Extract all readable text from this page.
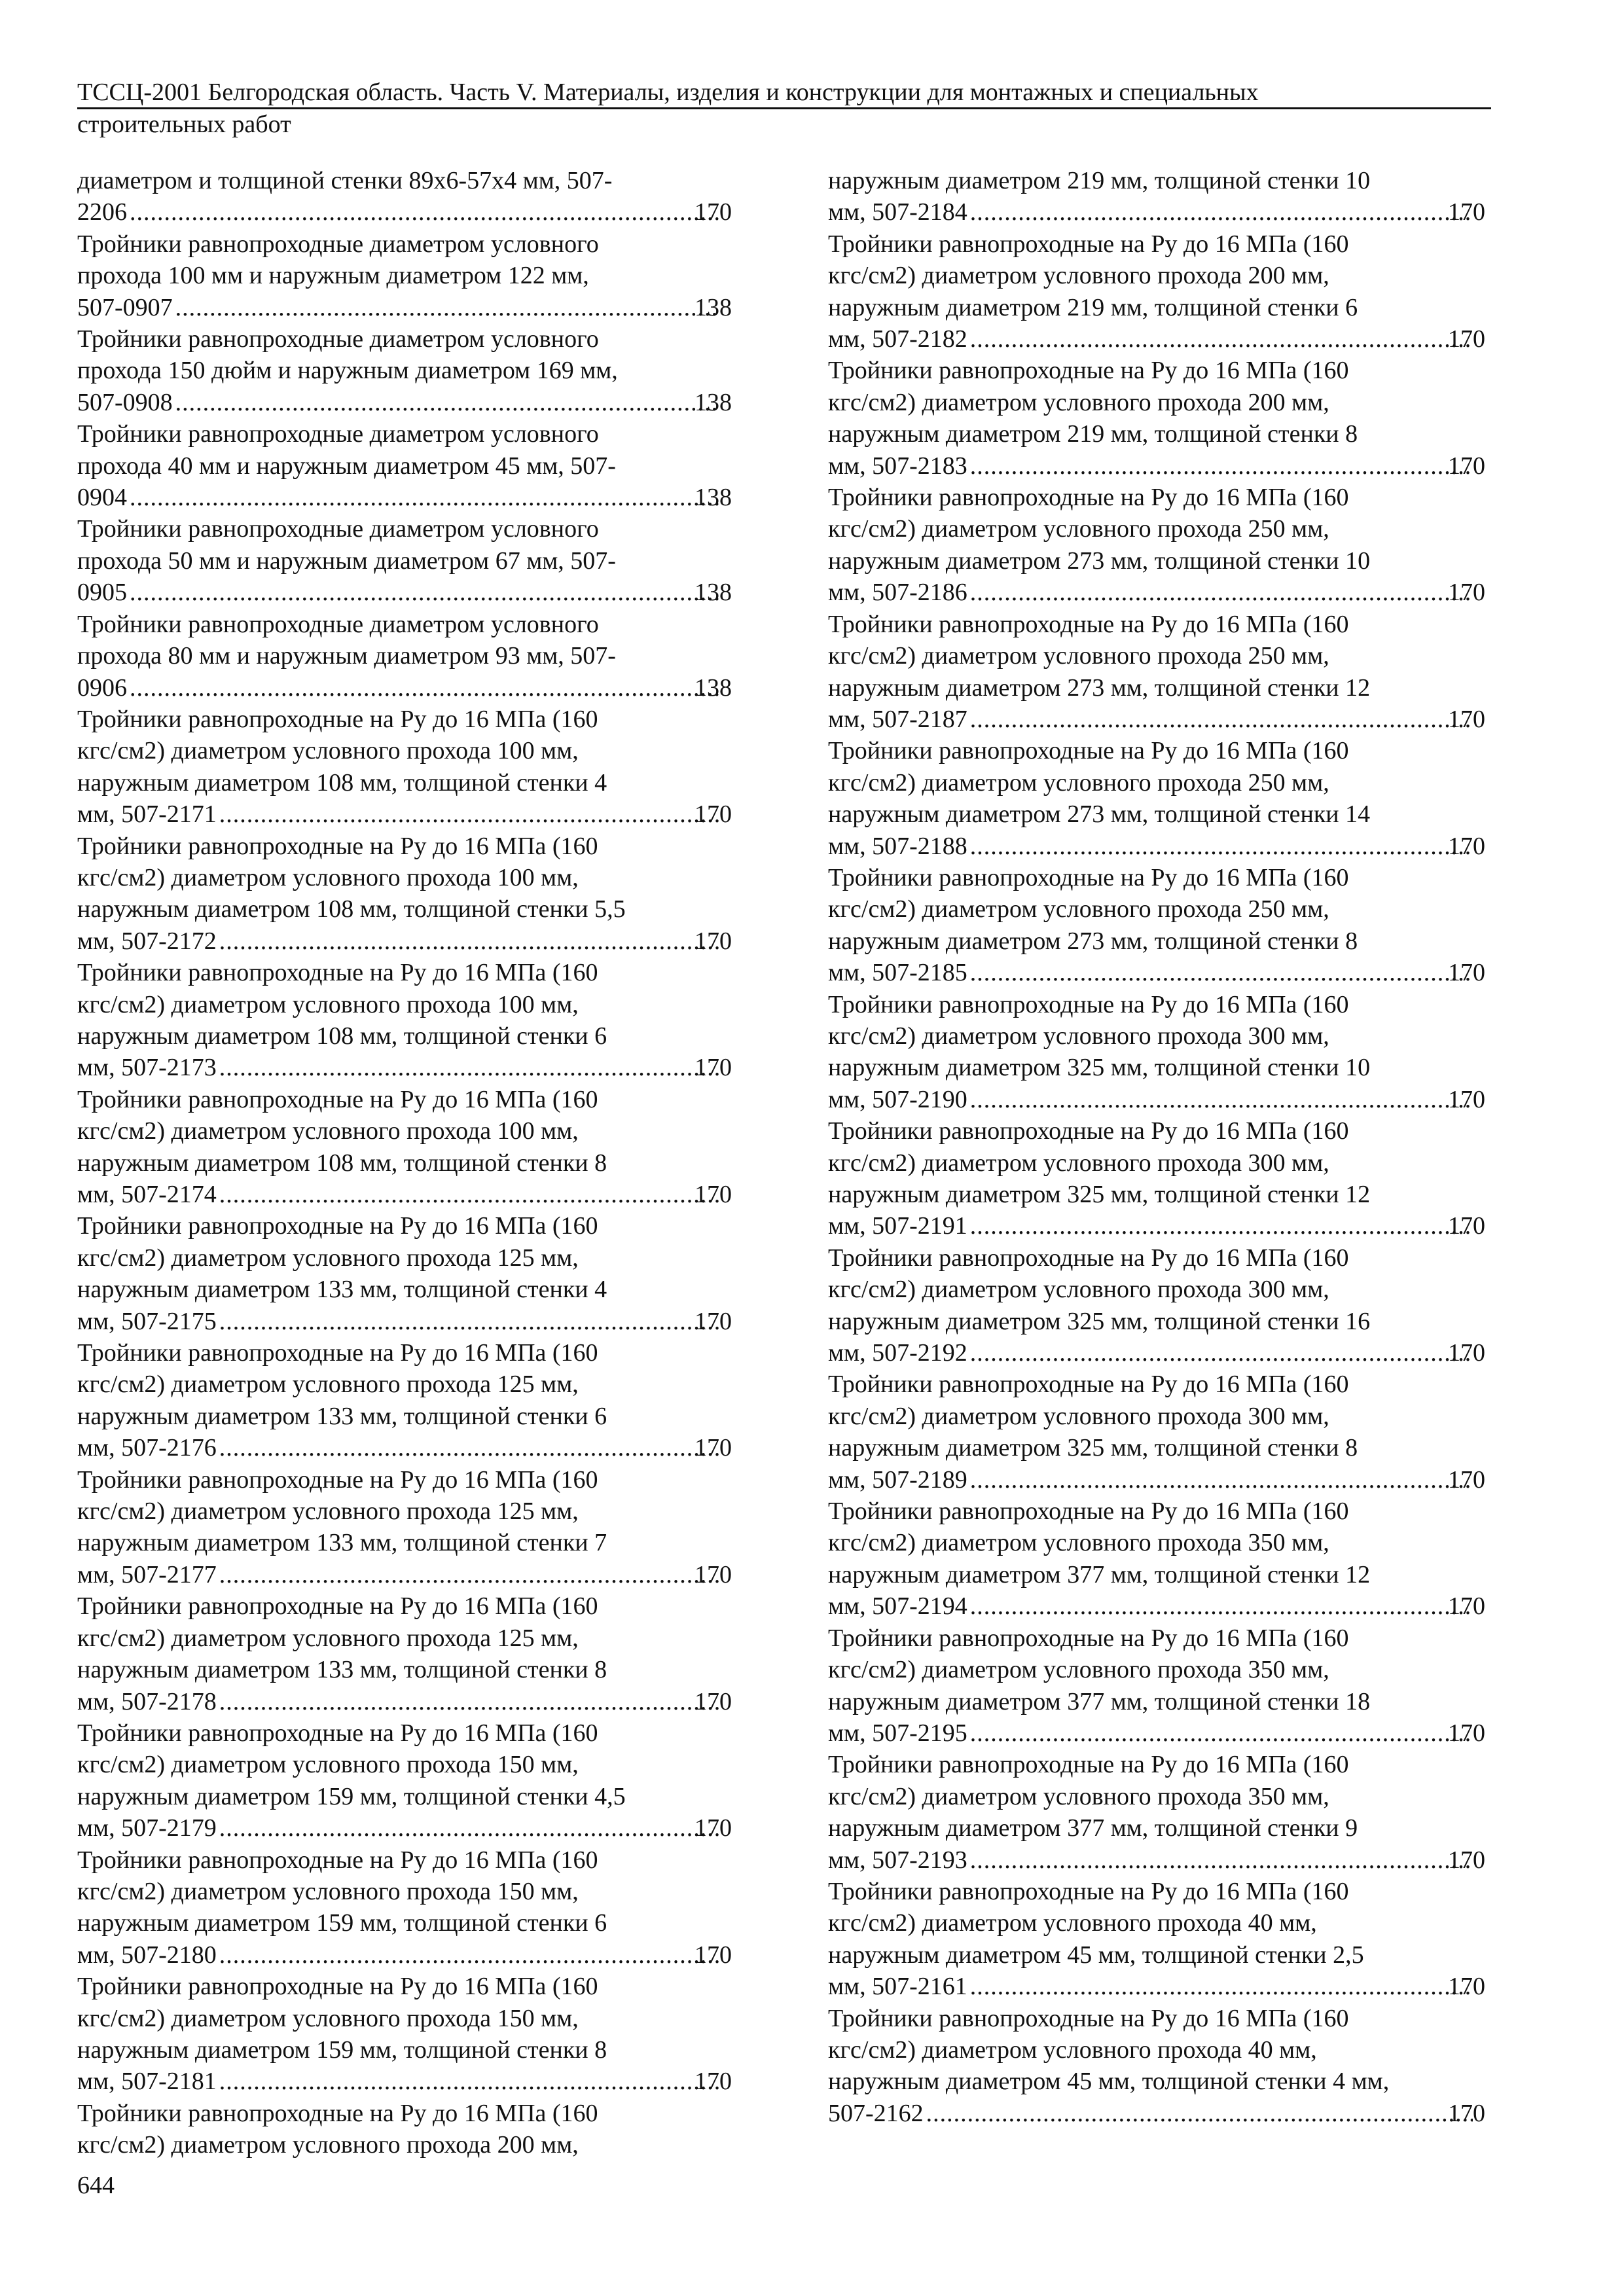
ТССЦ-2001 Белгородская область. Часть V. Материалы, изделия и конструкции для монтажных и специальных
строительных работ
диаметром и толщиной стенки 89х6-57х4 мм, 507-
2206 .....	170
Тройники равнопроходные диаметром условного
прохода 100 мм и наружным диаметром 122 мм,
507-0907 .....	138
Тройники равнопроходные диаметром условного
прохода 150 дюйм и наружным диаметром 169 мм,
507-0908 .....	138
Тройники равнопроходные диаметром условного
прохода 40 мм и наружным диаметром 45 мм, 507-
0904 .....	138
Тройники равнопроходные диаметром условного
прохода 50 мм и наружным диаметром 67 мм, 507-
0905 .....	138
Тройники равнопроходные диаметром условного
прохода 80 мм и наружным диаметром 93 мм, 507-
0906 .....	138
Тройники равнопроходные на Ру до 16 МПа (160
кгс/см2) диаметром условного прохода 100 мм,
наружным диаметром 108 мм, толщиной стенки 4
мм, 507-2171 .....	170
Тройники равнопроходные на Ру до 16 МПа (160
кгс/см2) диаметром условного прохода 100 мм,
наружным диаметром 108 мм, толщиной стенки 5,5
мм, 507-2172 .....	170
Тройники равнопроходные на Ру до 16 МПа (160
кгс/см2) диаметром условного прохода 100 мм,
наружным диаметром 108 мм, толщиной стенки 6
мм, 507-2173 .....	170
Тройники равнопроходные на Ру до 16 МПа (160
кгс/см2) диаметром условного прохода 100 мм,
наружным диаметром 108 мм, толщиной стенки 8
мм, 507-2174 .....	170
Тройники равнопроходные на Ру до 16 МПа (160
кгс/см2) диаметром условного прохода 125 мм,
наружным диаметром 133 мм, толщиной стенки 4
мм, 507-2175 .....	170
Тройники равнопроходные на Ру до 16 МПа (160
кгс/см2) диаметром условного прохода 125 мм,
наружным диаметром 133 мм, толщиной стенки 6
мм, 507-2176 .....	170
Тройники равнопроходные на Ру до 16 МПа (160
кгс/см2) диаметром условного прохода 125 мм,
наружным диаметром 133 мм, толщиной стенки 7
мм, 507-2177 .....	170
Тройники равнопроходные на Ру до 16 МПа (160
кгс/см2) диаметром условного прохода 125 мм,
наружным диаметром 133 мм, толщиной стенки 8
мм, 507-2178 .....	170
Тройники равнопроходные на Ру до 16 МПа (160
кгс/см2) диаметром условного прохода 150 мм,
наружным диаметром 159 мм, толщиной стенки 4,5
мм, 507-2179 .....	170
Тройники равнопроходные на Ру до 16 МПа (160
кгс/см2) диаметром условного прохода 150 мм,
наружным диаметром 159 мм, толщиной стенки 6
мм, 507-2180 .....	170
Тройники равнопроходные на Ру до 16 МПа (160
кгс/см2) диаметром условного прохода 150 мм,
наружным диаметром 159 мм, толщиной стенки 8
мм, 507-2181 .....	170
Тройники равнопроходные на Ру до 16 МПа (160
кгс/см2) диаметром условного прохода 200 мм,
наружным диаметром 219 мм, толщиной стенки 10
мм, 507-2184 .....	170
Тройники равнопроходные на Ру до 16 МПа (160
кгс/см2) диаметром условного прохода 200 мм,
наружным диаметром 219 мм, толщиной стенки 6
мм, 507-2182 .....	170
Тройники равнопроходные на Ру до 16 МПа (160
кгс/см2) диаметром условного прохода 200 мм,
наружным диаметром 219 мм, толщиной стенки 8
мм, 507-2183 .....	170
Тройники равнопроходные на Ру до 16 МПа (160
кгс/см2) диаметром условного прохода 250 мм,
наружным диаметром 273 мм, толщиной стенки 10
мм, 507-2186 .....	170
Тройники равнопроходные на Ру до 16 МПа (160
кгс/см2) диаметром условного прохода 250 мм,
наружным диаметром 273 мм, толщиной стенки 12
мм, 507-2187 .....	170
Тройники равнопроходные на Ру до 16 МПа (160
кгс/см2) диаметром условного прохода 250 мм,
наружным диаметром 273 мм, толщиной стенки 14
мм, 507-2188 .....	170
Тройники равнопроходные на Ру до 16 МПа (160
кгс/см2) диаметром условного прохода 250 мм,
наружным диаметром 273 мм, толщиной стенки 8
мм, 507-2185 .....	170
Тройники равнопроходные на Ру до 16 МПа (160
кгс/см2) диаметром условного прохода 300 мм,
наружным диаметром 325 мм, толщиной стенки 10
мм, 507-2190 .....	170
Тройники равнопроходные на Ру до 16 МПа (160
кгс/см2) диаметром условного прохода 300 мм,
наружным диаметром 325 мм, толщиной стенки 12
мм, 507-2191 .....	170
Тройники равнопроходные на Ру до 16 МПа (160
кгс/см2) диаметром условного прохода 300 мм,
наружным диаметром 325 мм, толщиной стенки 16
мм, 507-2192 .....	170
Тройники равнопроходные на Ру до 16 МПа (160
кгс/см2) диаметром условного прохода 300 мм,
наружным диаметром 325 мм, толщиной стенки 8
мм, 507-2189 .....	170
Тройники равнопроходные на Ру до 16 МПа (160
кгс/см2) диаметром условного прохода 350 мм,
наружным диаметром 377 мм, толщиной стенки 12
мм, 507-2194 .....	170
Тройники равнопроходные на Ру до 16 МПа (160
кгс/см2) диаметром условного прохода 350 мм,
наружным диаметром 377 мм, толщиной стенки 18
мм, 507-2195 .....	170
Тройники равнопроходные на Ру до 16 МПа (160
кгс/см2) диаметром условного прохода 350 мм,
наружным диаметром 377 мм, толщиной стенки 9
мм, 507-2193 .....	170
Тройники равнопроходные на Ру до 16 МПа (160
кгс/см2) диаметром условного прохода 40 мм,
наружным диаметром 45 мм, толщиной стенки 2,5
мм, 507-2161 .....	170
Тройники равнопроходные на Ру до 16 МПа (160
кгс/см2) диаметром условного прохода 40 мм,
наружным диаметром 45 мм, толщиной стенки 4 мм,
507-2162 .....	170
644
